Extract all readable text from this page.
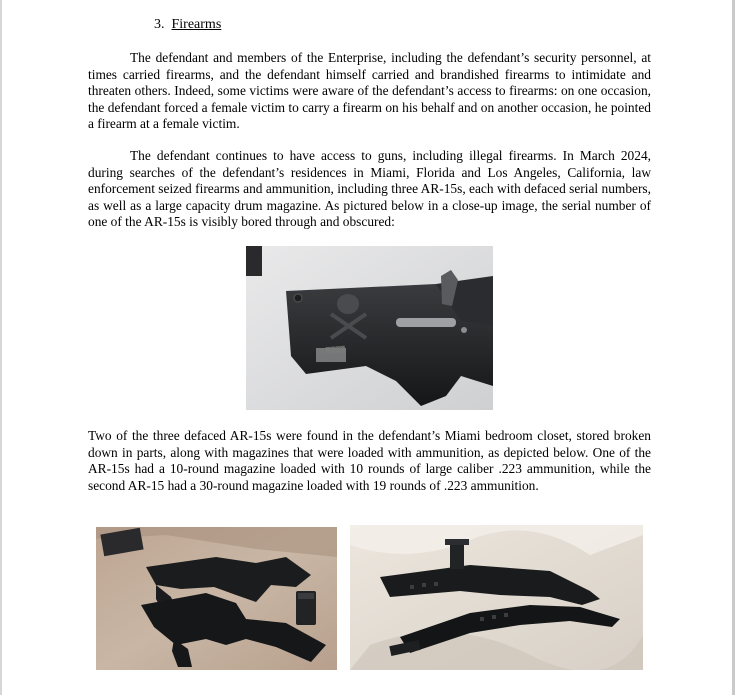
3. Firearms

The defendant and members of the Enterprise, including the defendant’s security personnel, at times carried firearms, and the defendant himself carried and brandished firearms to intimidate and threaten others. Indeed, some victims were aware of the defendant’s access to firearms: on one occasion, the defendant forced a female victim to carry a firearm on his behalf and on another occasion, he pointed a firearm at a female victim.

The defendant continues to have access to guns, including illegal firearms. In March 2024, during searches of the defendant’s residences in Miami, Florida and Los Angeles, California, law enforcement seized firearms and ammunition, including three AR-15s, each with defaced serial numbers, as well as a large capacity drum magazine. As pictured below in a close-up image, the serial number of one of the AR-15s is visibly bored through and obscured:

▓▓▓▓

Two of the three defaced AR-15s were found in the defendant’s Miami bedroom closet, stored broken down in parts, along with magazines that were loaded with ammunition, as depicted below. One of the AR-15s had a 10-round magazine loaded with 10 rounds of large caliber .223 ammunition, while the second AR-15 had a 30-round magazine loaded with 19 rounds of .223 ammunition.
